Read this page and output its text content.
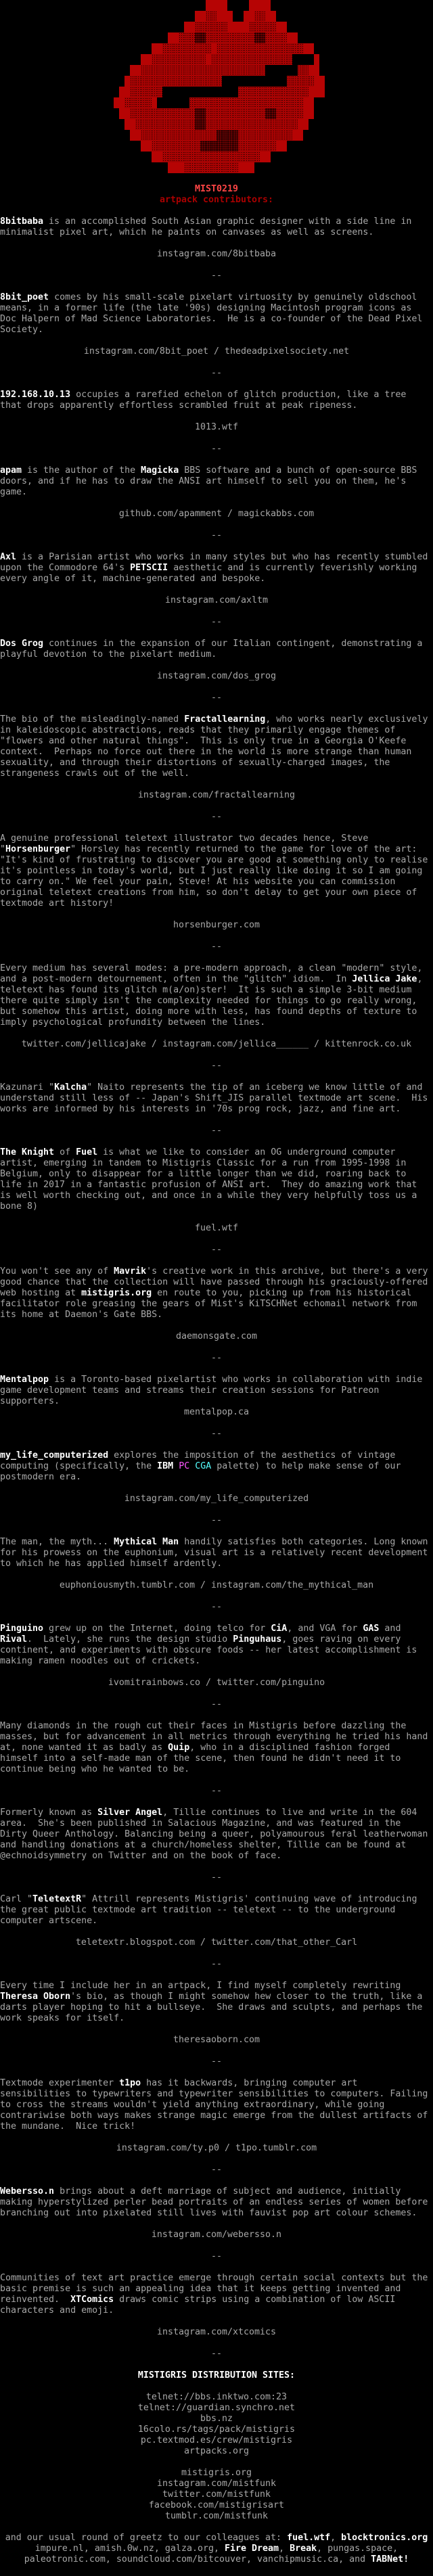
MIST0219
artpack contributors:

8bitbaba is an accomplished South Asian graphic designer with a side line in minimalist pixel art, which he paints on canvases as well as screens.

instagram.com/8bitbaba
--

8bit_poet comes by his small-scale pixelart virtuosity by genuinely oldschool means, in a former life (the late '90s) designing Macintosh program icons as Doc Halpern of Mad Science Laboratories.  He is a co-founder of the Dead Pixel Society.

instagram.com/8bit_poet / thedeadpixelsociety.net
--

192.168.10.13 occupies a rarefied echelon of glitch production, like a tree that drops apparently effortless scrambled fruit at peak ripeness.

1013.wtf
--

apam is the author of the Magicka BBS software and a bunch of open-source BBS doors, and if he has to draw the ANSI art himself to sell you on them, he's game.

github.com/apamment / magickabbs.com
--

Axl is a Parisian artist who works in many styles but who has recently stumbled upon the Commodore 64's PETSCII aesthetic and is currently feverishly working every angle of it, machine-generated and bespoke.

instagram.com/axltm
--

Dos Grog continues in the expansion of our Italian contingent, demonstrating a playful devotion to the pixelart medium.

instagram.com/dos_grog
--

The bio of the misleadingly-named Fractallearning, who works nearly exclusively in kaleidoscopic abstractions, reads that they primarily engage themes of "flowers and other natural things".  This is only true in a Georgia O'Keefe context.  Perhaps no force out there in the world is more strange than human sexuality, and through their distortions of sexually-charged images, the strangeness crawls out of the well.

instagram.com/fractallearning
--

A genuine professional teletext illustrator two decades hence, Steve "Horsenburger" Horsley has recently returned to the game for love of the art: "It's kind of frustrating to discover you are good at something only to realise it's pointless in today's world, but I just really like doing it so I am going to carry on." We feel your pain, Steve! At his website you can commission original teletext creations from him, so don't delay to get your own piece of textmode art history!

horsenburger.com
--

Every medium has several modes: a pre-modern approach, a clean "modern" style, and a post-modern detournement, often in the "glitch" idiom.  In Jellica Jake, teletext has found its glitch m(a/on)ster!  It is such a simple 3-bit medium there quite simply isn't the complexity needed for things to go really wrong, but somehow this artist, doing more with less, has found depths of texture to imply psychological profundity between the lines.

twitter.com/jellicajake / instagram.com/jellica______ / kittenrock.co.uk
--

Kazunari "Kalcha" Naito represents the tip of an iceberg we know little of and understand still less of -- Japan's Shift_JIS parallel textmode art scene.  His works are informed by his interests in '70s prog rock, jazz, and fine art.

--

The Knight of Fuel is what we like to consider an OG underground computer artist, emerging in tandem to Mistigris Classic for a run from 1995-1998 in Belgium, only to disappear for a little longer than we did, roaring back to life in 2017 in a fantastic profusion of ANSI art.  They do amazing work that is well worth checking out, and once in a while they very helpfully toss us a bone 8)

fuel.wtf
--

You won't see any of Mavrik's creative work in this archive, but there's a very good chance that the collection will have passed through his graciously-offered web hosting at mistigris.org en route to you, picking up from his historical facilitator role greasing the gears of Mist's KiTSCHNet echomail network from its home at Daemon's Gate BBS.

daemonsgate.com
--

Mentalpop is a Toronto-based pixelartist who works in collaboration with indie game development teams and streams their creation sessions for Patreon supporters.

mentalpop.ca
--

my_life_computerized explores the imposition of the aesthetics of vintage computing (specifically, the IBM PC CGA palette) to help make sense of our postmodern era.

instagram.com/my_life_computerized
--

The man, the myth... Mythical Man handily satisfies both categories. Long known for his prowess on the euphonium, visual art is a relatively recent development to which he has applied himself ardently.

euphoniousmyth.tumblr.com / instagram.com/the_mythical_man
--

Pinguino grew up on the Internet, doing telco for CiA, and VGA for GAS and Rival.  Lately, she runs the design studio Pinguhaus, goes raving on every continent, and experiments with obscure foods -- her latest accomplishment is making ramen noodles out of crickets.

ivomitrainbows.co / twitter.com/pinguino
--

Many diamonds in the rough cut their faces in Mistigris before dazzling the masses, but for advancement in all metrics through everything he tried his hand at, none wanted it as badly as Quip, who in a disciplined fashion forged himself into a self-made man of the scene, then found he didn't need it to continue being who he wanted to be.

--

Formerly known as Silver Angel, Tillie continues to live and write in the 604 area.  She's been published in Salacious Magazine, and was featured in the Dirty Queer Anthology. Balancing being a queer, polyamourous feral leatherwoman and handling donations at a church/homeless shelter, Tillie can be found at @echnoidsymmetry on Twitter and on the book of face.

--

Carl "TeletextR" Attrill represents Mistigris' continuing wave of introducing the great public textmode art tradition -- teletext -- to the underground computer artscene.

teletextr.blogspot.com / twitter.com/that_other_Carl
--

Every time I include her in an artpack, I find myself completely rewriting Theresa Oborn's bio, as though I might somehow hew closer to the truth, like a darts player hoping to hit a bullseye.  She draws and sculpts, and perhaps the work speaks for itself.

theresaoborn.com
--

Textmode experimenter t1po has it backwards, bringing computer art sensibilities to typewriters and typewriter sensibilities to computers. Failing to cross the streams wouldn't yield anything extraordinary, while going contrariwise both ways makes strange magic emerge from the dullest artifacts of the mundane.  Nice trick!

instagram.com/ty.p0 / t1po.tumblr.com
--

Webersso.n brings about a deft marriage of subject and audience, initially making hyperstylized perler bead portraits of an endless series of women before branching out into pixelated still lives with fauvist pop art colour schemes.

instagram.com/webersso.n
--

Communities of text art practice emerge through certain social contexts but the basic premise is such an appealing idea that it keeps getting invented and reinvented.  XTComics draws comic strips using a combination of low ASCII characters and emoji.

instagram.com/xtcomics
--
MISTIGRIS DISTRIBUTION SITES:
telnet://bbs.inktwo.com:23
telnet://guardian.synchro.net
bbs.nz
16colo.rs/tags/pack/mistigris
pc.textmod.es/crew/mistigris
artpacks.org
mistigris.org
instagram.com/mistfunk
twitter.com/mistfunk
facebook.com/mistigrisart
tumblr.com/mistfunk
and our usual round of greetz to our colleagues at: fuel.wtf, blocktronics.org
impure.nl, amish.0w.nz, galza.org, Fire Dream, Break, pungas.space,
paleotronic.com, soundcloud.com/bitcouver, vanchipmusic.ca, and TABNet!
